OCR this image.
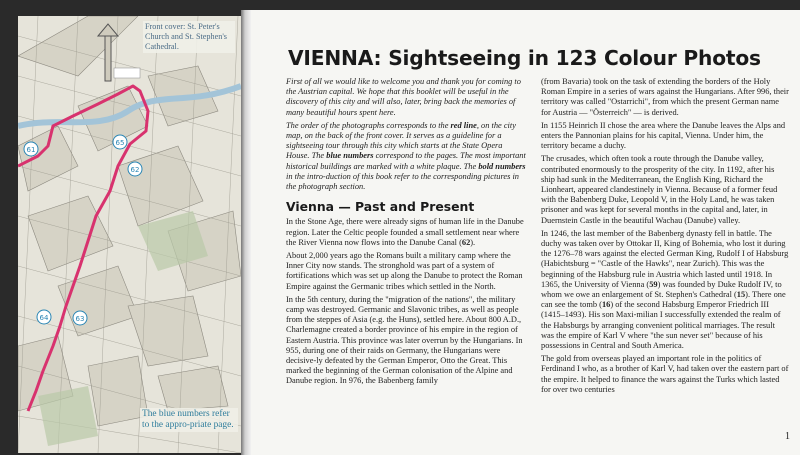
61
62
63
64
65
Front cover: St. Peter's Church and St. Stephen's Cathedral.
The blue numbers refer to the appro-priate page.
VIENNA: Sightseeing in 123 Colour Photos

First of all we would like to welcome you and thank you for coming to the Austrian capital. We hope that this booklet will be useful in the discovery of this city and will also, later, bring back the memories of many beautiful hours spent here.

The order of the photographs corresponds to the red line, on the city map, on the back of the front cover. It serves as a guideline for a sightseeing tour through this city which starts at the State Opera House. The blue numbers correspond to the pages. The most important historical buildings are marked with a white plaque. The bold numbers in the intro-duction of this book refer to the corresponding pictures in the photograph section.

Vienna — Past and Present

In the Stone Age, there were already signs of human life in the Danube region. Later the Celtic people founded a small settlement near where the River Vienna now flows into the Danube Canal (62).

About 2,000 years ago the Romans built a military camp where the Inner City now stands. The stronghold was part of a system of fortifications which was set up along the Danube to protect the Roman Empire against the Germanic tribes which settled in the North.

In the 5th century, during the "migration of the nations", the military camp was destroyed. Germanic and Slavonic tribes, as well as people from the steppes of Asia (e.g. the Huns), settled here. About 800 A.D., Charlemagne created a border province of his empire in the region of Eastern Austria. This province was later overrun by the Hungarians. In 955, during one of their raids on Germany, the Hungarians were decisive-ly defeated by the German Emperor, Otto the Great. This marked the beginning of the German colonisation of the Alpine and Danube region. In 976, the Babenberg family

(from Bavaria) took on the task of extending the borders of the Holy Roman Empire in a series of wars against the Hungarians. After 996, their territory was called "Ostarrichi", from which the present German name for Austria — "Österreich" — is derived.

In 1155 Heinrich II chose the area where the Danube leaves the Alps and enters the Pannonian plains for his capital, Vienna. Under him, the territory became a duchy.

The crusades, which often took a route through the Danube valley, contributed enormously to the prosperity of the city. In 1192, after his ship had sunk in the Mediterranean, the English King, Richard the Lionheart, appeared clandestinely in Vienna. Because of a former feud with the Babenberg Duke, Leopold V, in the Holy Land, he was taken prisoner and was kept for several months in the capital and, later, in Duernstein Castle in the beautiful Wachau (Danube) valley.

In 1246, the last member of the Babenberg dynasty fell in battle. The duchy was taken over by Ottokar II, King of Bohemia, who lost it during the 1276–78 wars against the elected German King, Rudolf I of Habsburg (Habichtsburg = "Castle of the Hawks", near Zurich). This was the beginning of the Habsburg rule in Austria which lasted until 1918. In 1365, the University of Vienna (59) was founded by Duke Rudolf IV, to whom we owe an enlargement of St. Stephen's Cathedral (15). There one can see the tomb (16) of the second Habsburg Emperor Friedrich III (1415–1493). His son Maxi-milian I successfully extended the realm of the Habsburgs by arranging convenient political marriages. The result was the empire of Karl V where "the sun never set" because of his possessions in Central and South America.

The gold from overseas played an important role in the politics of Ferdinand I who, as a brother of Karl V, had taken over the eastern part of the empire. It helped to finance the wars against the Turks which lasted for over two centuries

1
